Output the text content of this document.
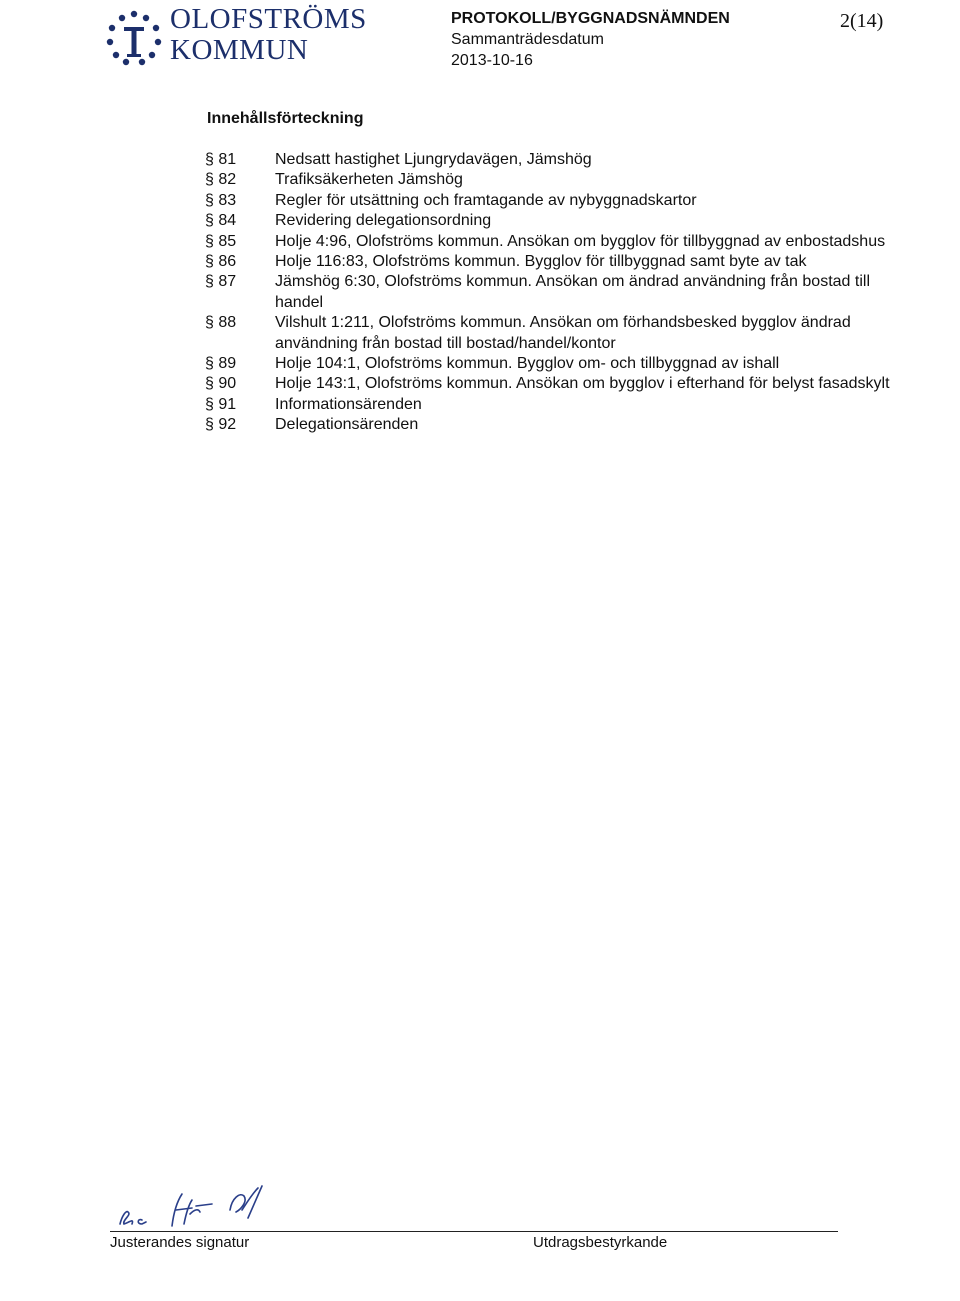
OLOFSTRÖMS
KOMMUN
PROTOKOLL/BYGGNADSNÄMNDEN
Sammanträdesdatum
2013-10-16
2(14)
Innehållsförteckning
§ 81	Nedsatt hastighet Ljungrydavägen, Jämshög
§ 82	Trafiksäkerheten Jämshög
§ 83	Regler för utsättning och framtagande av nybyggnadskartor
§ 84	Revidering delegationsordning
§ 85	Holje 4:96, Olofströms kommun. Ansökan om bygglov för tillbyggnad av enbostadshus
§ 86	Holje 116:83, Olofströms kommun. Bygglov för tillbyggnad samt byte av tak
§ 87	Jämshög 6:30, Olofströms kommun. Ansökan om ändrad användning från bostad till handel
§ 88	Vilshult 1:211, Olofströms kommun. Ansökan om förhandsbesked bygglov ändrad användning från bostad till bostad/handel/kontor
§ 89	Holje 104:1, Olofströms kommun. Bygglov om- och tillbyggnad av ishall
§ 90	Holje 143:1, Olofströms kommun. Ansökan om bygglov i efterhand för belyst fasadskylt
§ 91	Informationsärenden
§ 92	Delegationsärenden
Justerandes signatur	Utdragsbestyrkande
